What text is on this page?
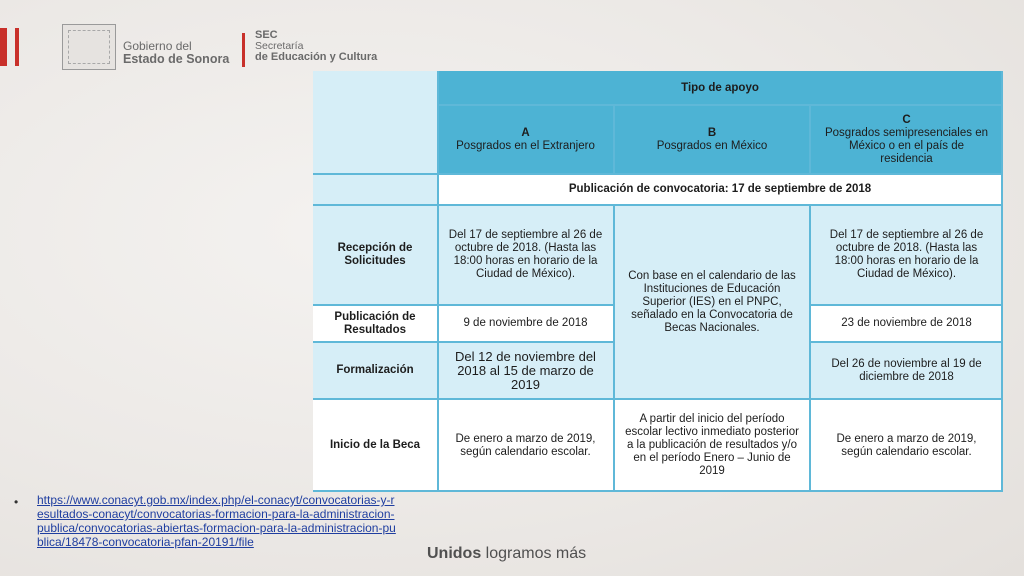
Gobierno del
Estado de Sonora
SEC
Secretaría
de Educación y Cultura
Tipo de apoyo
A
Posgrados en el Extranjero
B
Posgrados en México
C
Posgrados semipresenciales en México o en el país de residencia
Publicación de convocatoria: 17 de septiembre de 2018
Recepción de Solicitudes
Del 17 de septiembre al 26 de octubre de 2018. (Hasta las 18:00 horas en horario de la Ciudad de México).	Con base en el calendario de las Instituciones de Educación Superior (IES) en el PNPC, señalado en la Convocatoria de Becas Nacionales.
Del 17 de septiembre al 26 de octubre de 2018. (Hasta las 18:00 horas en horario de la Ciudad de México).
Publicación de Resultados
9 de noviembre de 2018	23 de noviembre de 2018
Formalización
Del 12 de noviembre del 2018 al 15 de marzo de 2019
Del 26 de noviembre al 19 de diciembre de 2018
Inicio de la Beca
De enero a marzo de 2019, según calendario escolar.
A partir del inicio del período escolar lectivo inmediato posterior a la publicación de resultados y/o en el período Enero – Junio de 2019
De enero a marzo de 2019, según calendario escolar.
• https://www.conacyt.gob.mx/index.php/el-conacyt/convocatorias-y-resultados-conacyt/convocatorias-formacion-para-la-administracion-publica/convocatorias-abiertas-formacion-para-la-administracion-publica/18478-convocatoria-pfan-20191/file
Unidos logramos más
